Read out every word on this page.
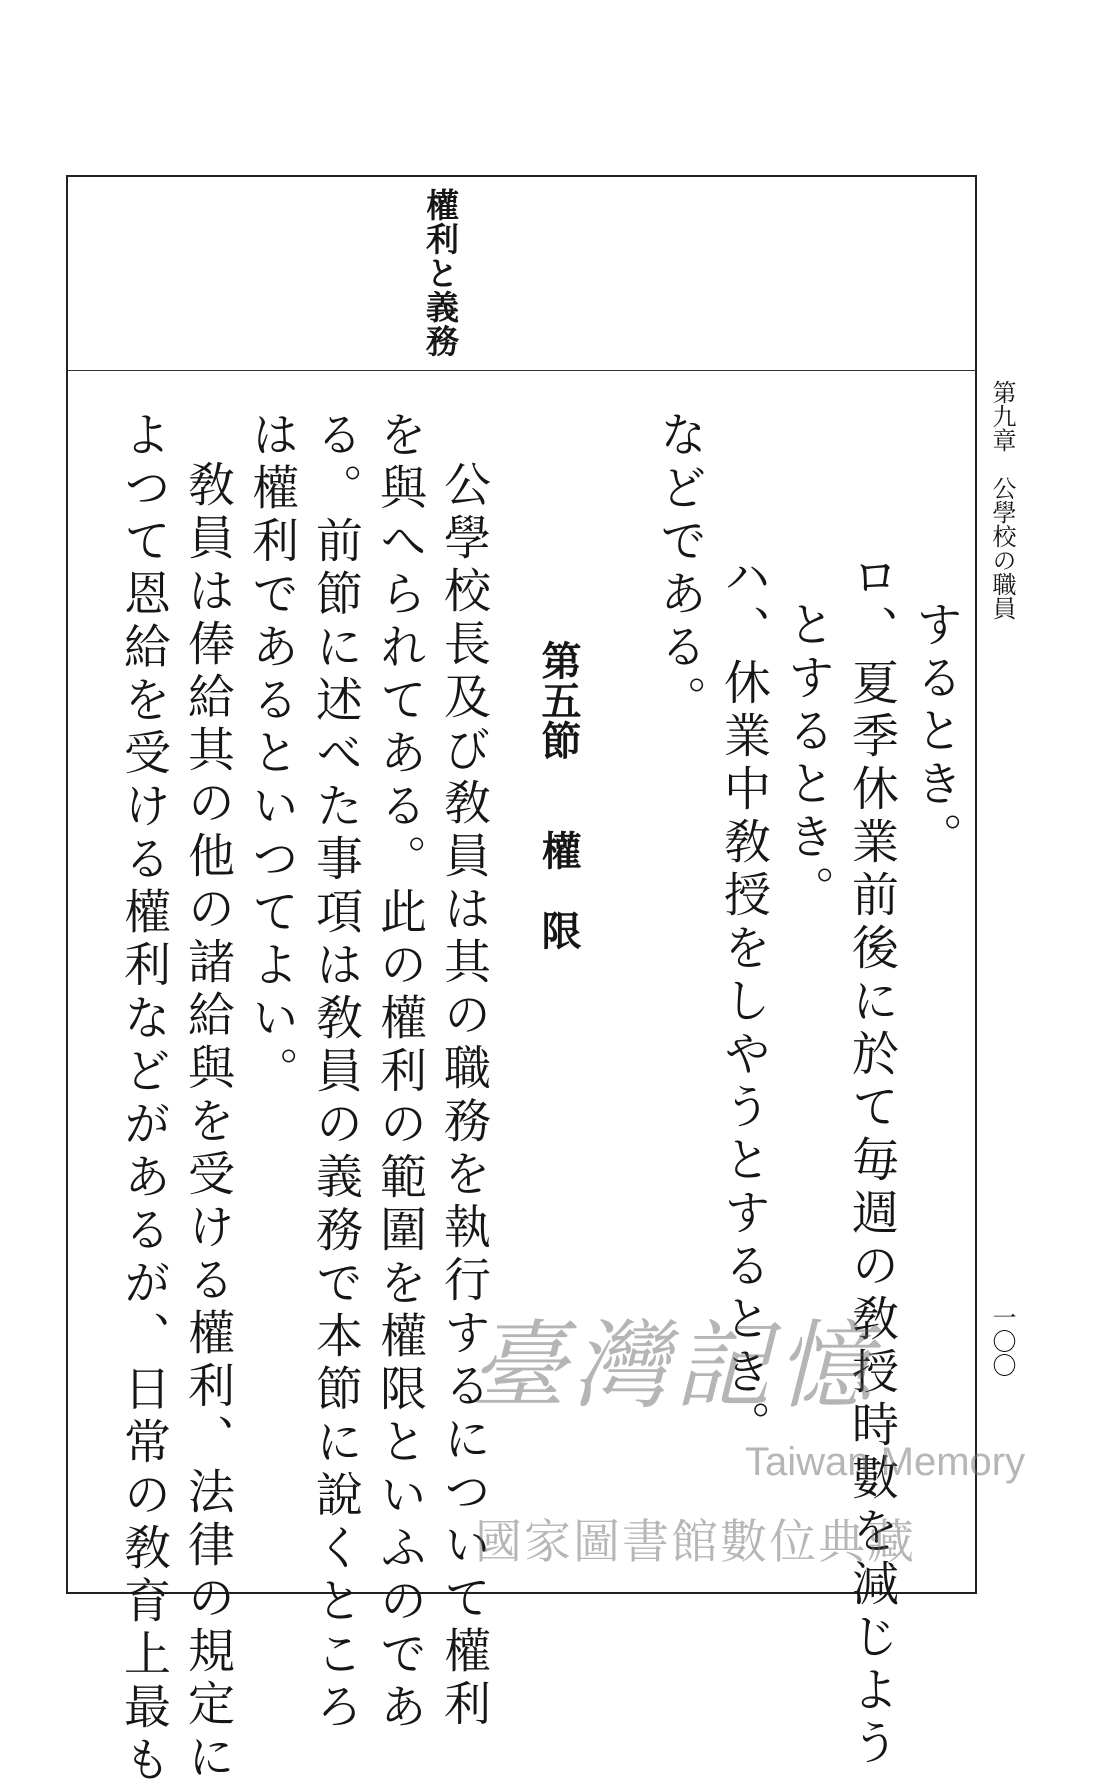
權利と義務
第九章　公學校の職員
一〇〇
するとき。
ロ、夏季休業前後に於て毎週の敎授時數を減じよう
とするとき。
ハ、休業中敎授をしやうとするとき。
などである。
第五節
權　限
公學校長及び敎員は其の職務を執行するについて權利
を與へられてある。此の權利の範圍を權限といふのであ
る。前節に述べた事項は敎員の義務で本節に說くところ
は權利であるといつてよい。
敎員は俸給其の他の諸給與を受ける權利、法律の規定に
よつて恩給を受ける權利などがあるが、日常の敎育上最も	臺灣記憶
Taiwan Memory
國家圖書館數位典藏
